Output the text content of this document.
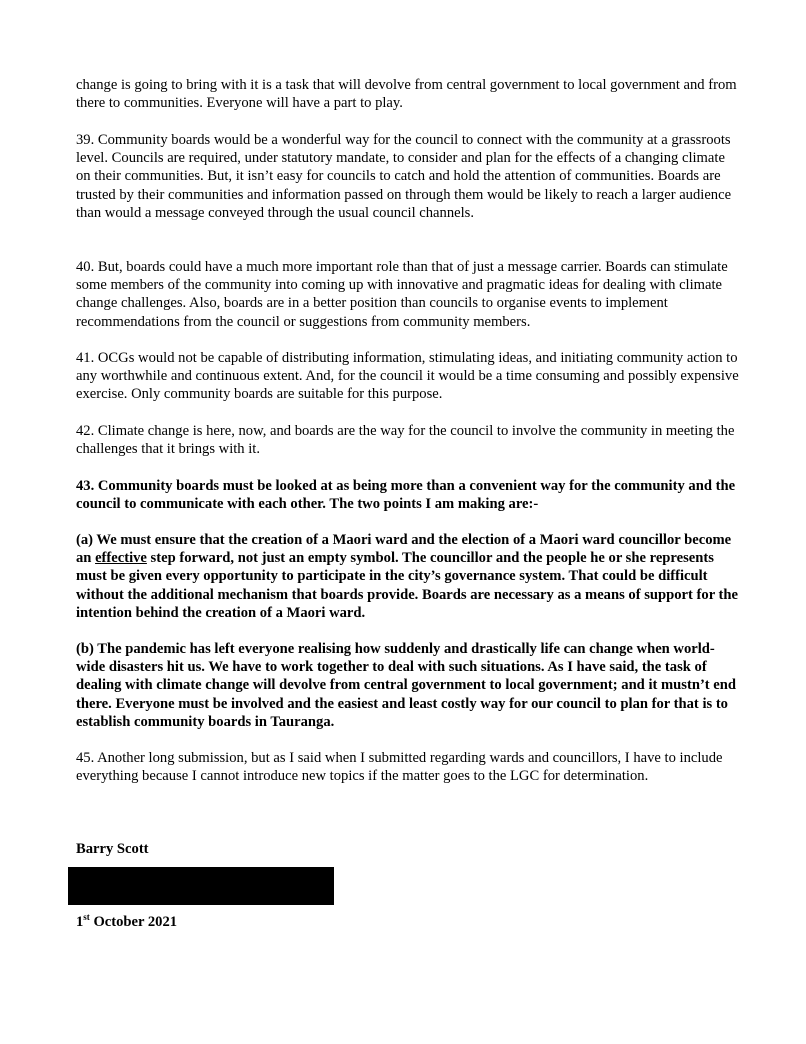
change is going to bring with it is a task that will devolve from central government to local government and from there to communities. Everyone will have a part to play.

39. Community boards would be a wonderful way for the council to connect with the community at a grassroots level. Councils are required, under statutory mandate, to consider and plan for the effects of a changing climate on their communities. But, it isn’t easy for councils to catch and hold the attention of communities. Boards are trusted by their communities and information passed on through them would be likely to reach a larger audience than would a message conveyed through the usual council channels.

40. But, boards could have a much more important role than that of just a message carrier. Boards can stimulate some members of the community into coming up with innovative and pragmatic ideas for dealing with climate change challenges. Also, boards are in a better position than councils to organise events to implement recommendations from the council or suggestions from community members.

41. OCGs would not be capable of distributing information, stimulating ideas, and initiating community action to any worthwhile and continuous extent. And, for the council it would be a time consuming and possibly expensive exercise. Only community boards are suitable for this purpose.

42. Climate change is here, now, and boards are the way for the council to involve the community in meeting the challenges that it brings with it.

43. Community boards must be looked at as being more than a convenient way for the community and the council to communicate with each other. The two points I am making are:-

(a) We must ensure that the creation of a Maori ward and the election of a Maori ward councillor become an effective step forward, not just an empty symbol. The councillor and the people he or she represents must be given every opportunity to participate in the city’s governance system. That could be difficult without the additional mechanism that boards provide. Boards are necessary as a means of support for the intention behind the creation of a Maori ward.

(b) The pandemic has left everyone realising how suddenly and drastically life can change when world-wide disasters hit us. We have to work together to deal with such situations. As I have said, the task of dealing with climate change will devolve from central government to local government; and it mustn’t end there. Everyone must be involved and the easiest and least costly way for our council to plan for that is to establish community boards in Tauranga.

45. Another long submission, but as I said when I submitted regarding wards and councillors, I have to include everything because I cannot introduce new topics if the matter goes to the LGC for determination.

Barry Scott

1st October 2021
